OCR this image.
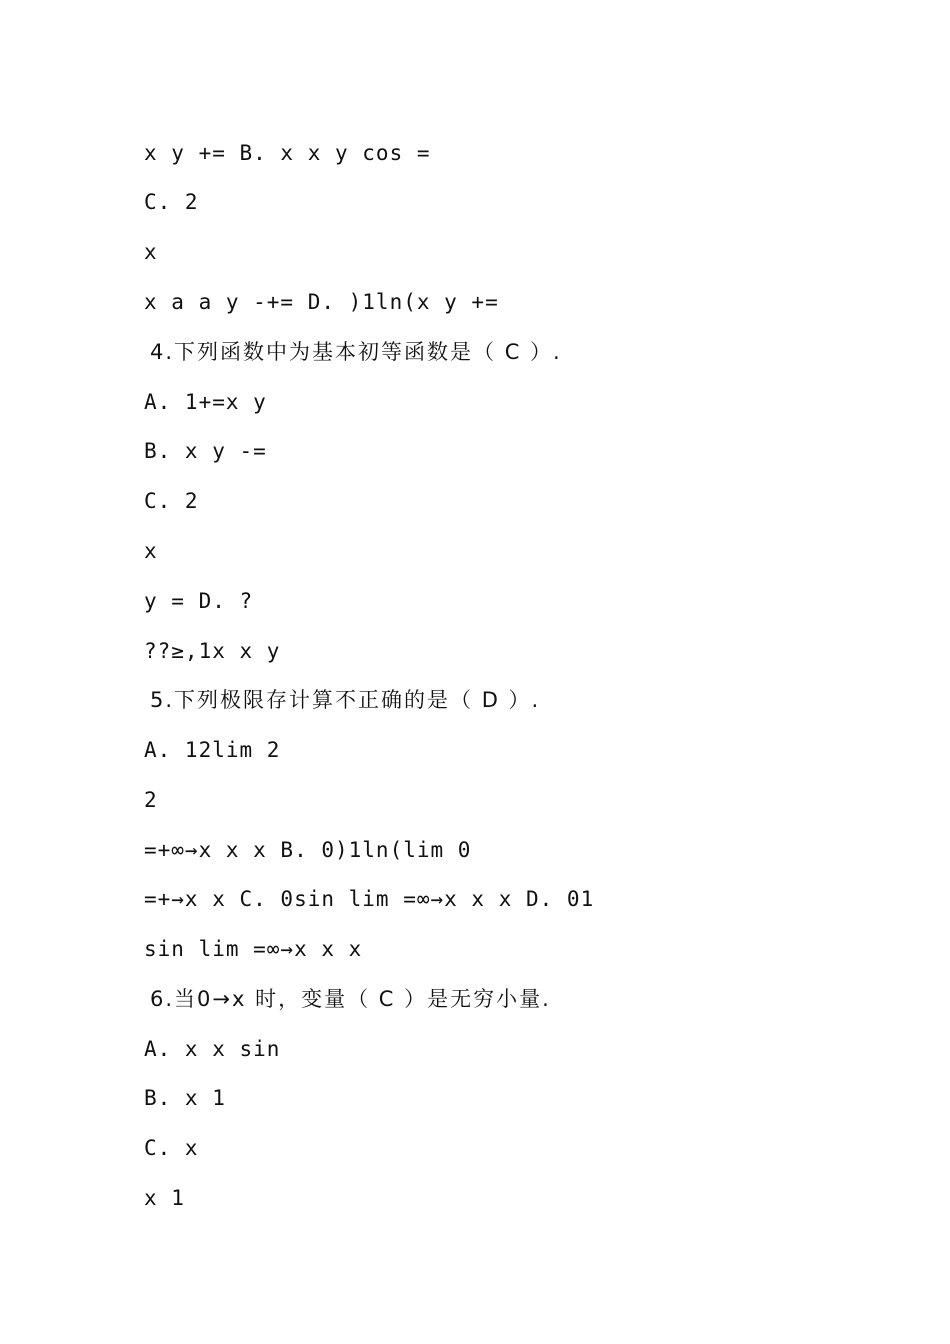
x y += B. x x y cos =
C. 2
x
x a a y -+= D. )1ln(x y +=
4.下列函数中为基本初等函数是（ C ）.
A. 1+=x y
B. x y -=
C. 2
x
y = D. ?
??≥,1x x y
5.下列极限存计算不正确的是（ D ）.
A. 12lim 2
2
=+∞→x x x B. 0)1ln(lim 0
=+→x x C. 0sin lim =∞→x x x D. 01
sin lim =∞→x x x
6.当0→x 时，变量（ C ）是无穷小量.
A. x x sin
B. x 1
C. x
x 1
